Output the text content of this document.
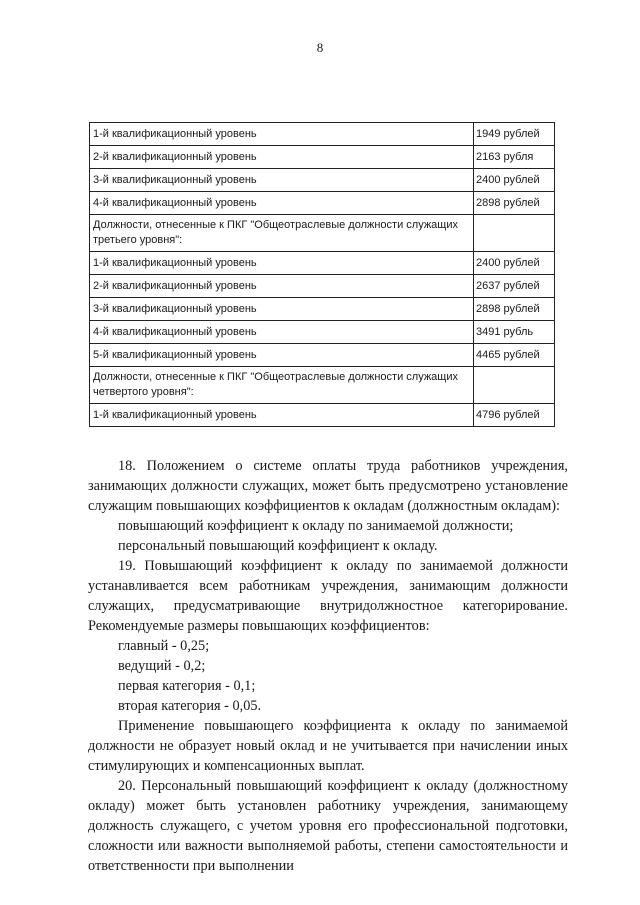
8
1-й квалификационный уровень	1949 рублей
2-й квалификационный уровень	2163 рубля
3-й квалификационный уровень	2400 рублей
4-й квалификационный уровень	2898 рублей
Должности, отнесенные к ПКГ "Общеотраслевые должности служащих третьего уровня":	
1-й квалификационный уровень	2400 рублей
2-й квалификационный уровень	2637 рублей
3-й квалификационный уровень	2898 рублей
4-й квалификационный уровень	3491 рубль
5-й квалификационный уровень	4465 рублей
Должности, отнесенные к ПКГ "Общеотраслевые должности служащих четвертого уровня":	
1-й квалификационный уровень	4796 рублей

18. Положением о системе оплаты труда работников учреждения, занимающих должности служащих, может быть предусмотрено установление служащим повышающих коэффициентов к окладам (должностным окладам):

повышающий коэффициент к окладу по занимаемой должности;

персональный повышающий коэффициент к окладу.

19. Повышающий коэффициент к окладу по занимаемой должности устанавливается всем работникам учреждения, занимающим должности служащих, предусматривающие внутридолжностное категорирование. Рекомендуемые размеры повышающих коэффициентов:

главный - 0,25;

ведущий - 0,2;

первая категория - 0,1;

вторая категория - 0,05.

Применение повышающего коэффициента к окладу по занимаемой должности не образует новый оклад и не учитывается при начислении иных стимулирующих и компенсационных выплат.

20. Персональный повышающий коэффициент к окладу (должностному окладу) может быть установлен работнику учреждения, занимающему должность служащего, с учетом уровня его профессиональной подготовки, сложности или важности выполняемой работы, степени самостоятельности и ответственности при выполнении
